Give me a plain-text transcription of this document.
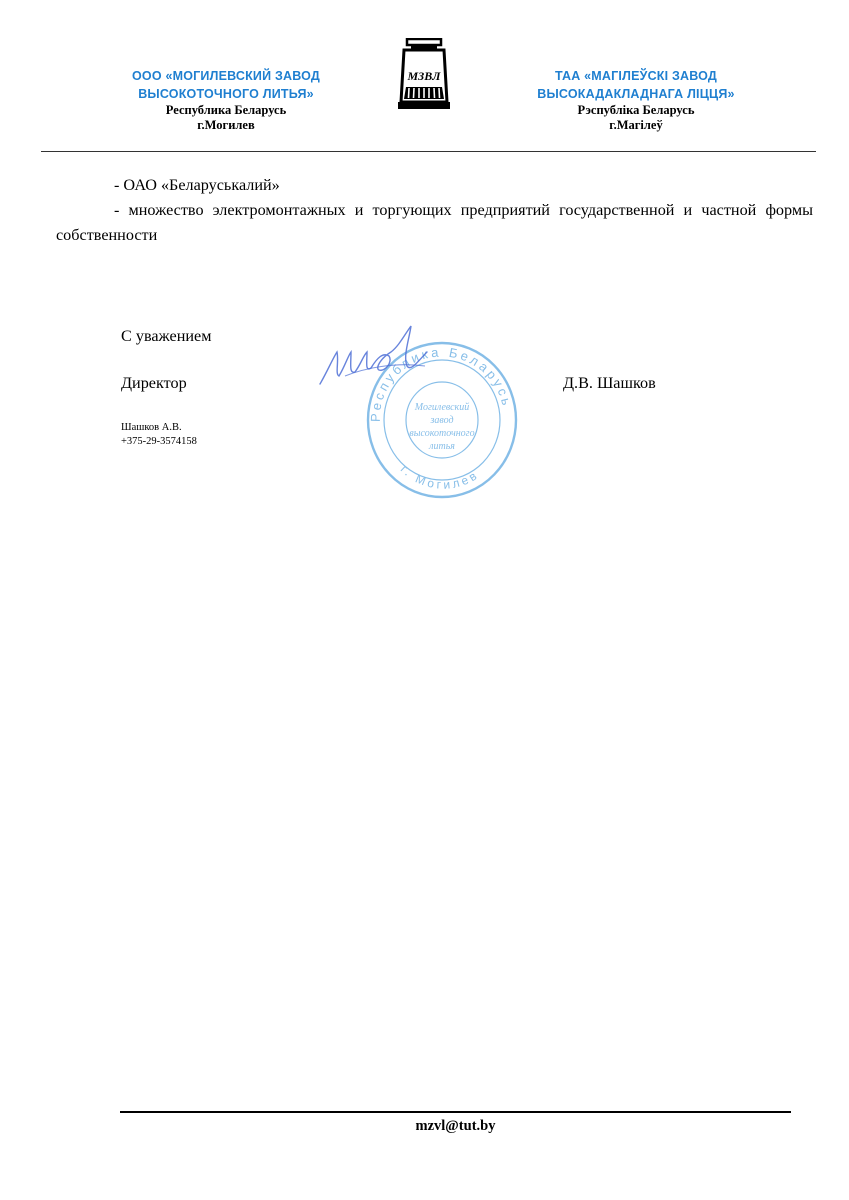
ООО «МОГИЛЕВСКИЙ ЗАВОД
ВЫСОКОТОЧНОГО ЛИТЬЯ»
Республика Беларусь
г.Могилев
МЗВЛ	ТАА «МАГІЛЕЎСКІ ЗАВОД
ВЫСОКАДАКЛАДНАГА ЛІЦЦЯ»
Рэспубліка Беларусь
г.Магілеў

- ОАО «Беларуськалий»

- множество электромонтажных и торгующих предприятий государственной и частной формы собственности

Республика Беларусь
г. Могилев
Могилевский
завод
высокоточного
литья
С уважением
Директор	Д.В. Шашков
Шашков А.В.
+375-29-3574158
mzvl@tut.by
